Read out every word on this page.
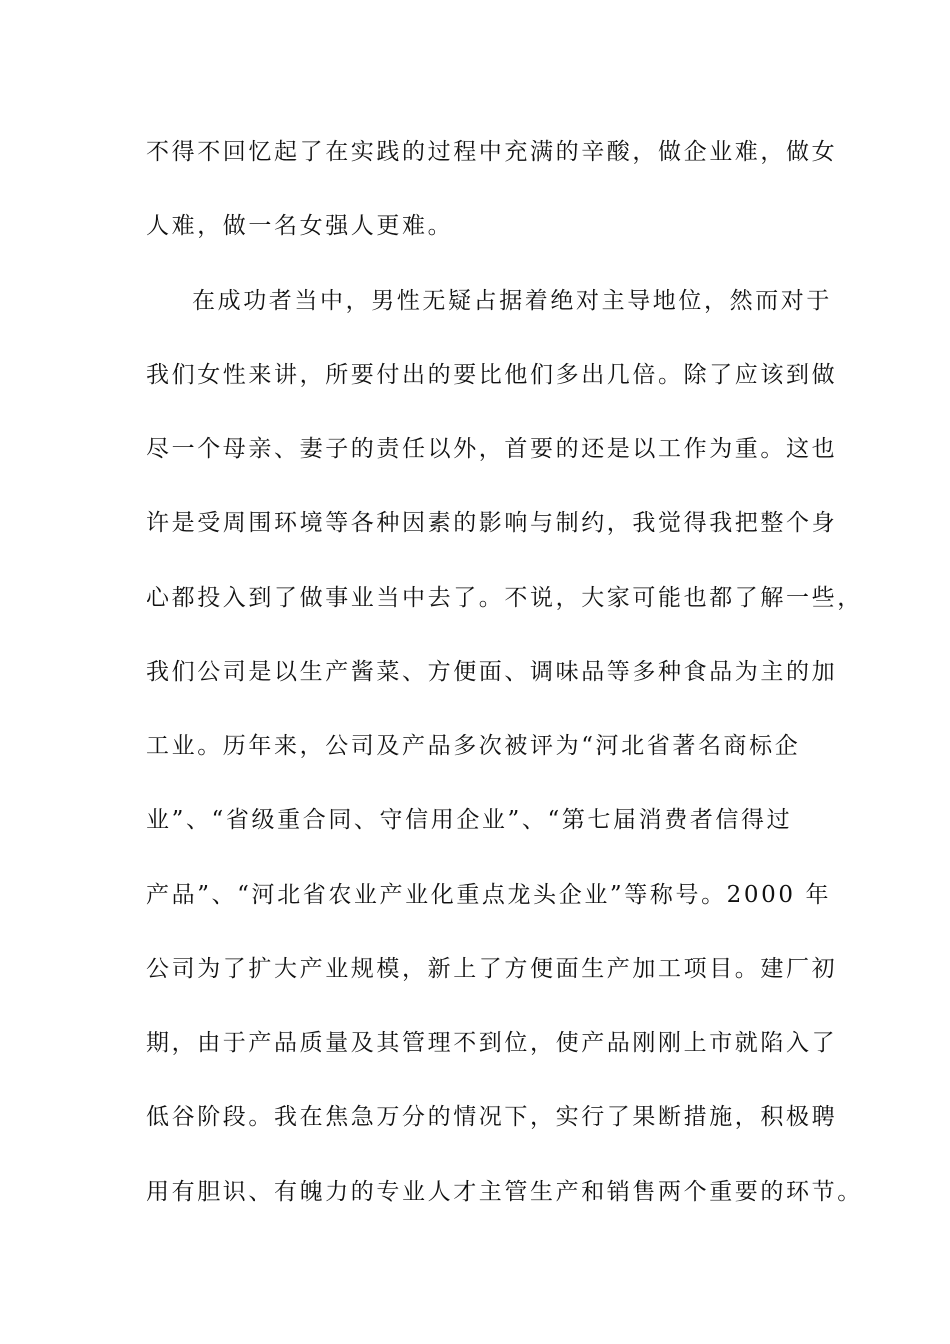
不得不回忆起了在实践的过程中充满的辛酸，做企业难，做女
人难，做一名女强人更难。
在成功者当中，男性无疑占据着绝对主导地位，然而对于
我们女性来讲，所要付出的要比他们多出几倍。除了应该到做
尽一个母亲、妻子的责任以外，首要的还是以工作为重。这也
许是受周围环境等各种因素的影响与制约，我觉得我把整个身
心都投入到了做事业当中去了。不说，大家可能也都了解一些，
我们公司是以生产酱菜、方便面、调味品等多种食品为主的加
工业。历年来，公司及产品多次被评为“河北省著名商标企
业”、“省级重合同、守信用企业”、“第七届消费者信得过
产品”、“河北省农业产业化重点龙头企业”等称号。2000 年
公司为了扩大产业规模，新上了方便面生产加工项目。建厂初
期，由于产品质量及其管理不到位，使产品刚刚上市就陷入了
低谷阶段。我在焦急万分的情况下，实行了果断措施，积极聘
用有胆识、有魄力的专业人才主管生产和销售两个重要的环节。
